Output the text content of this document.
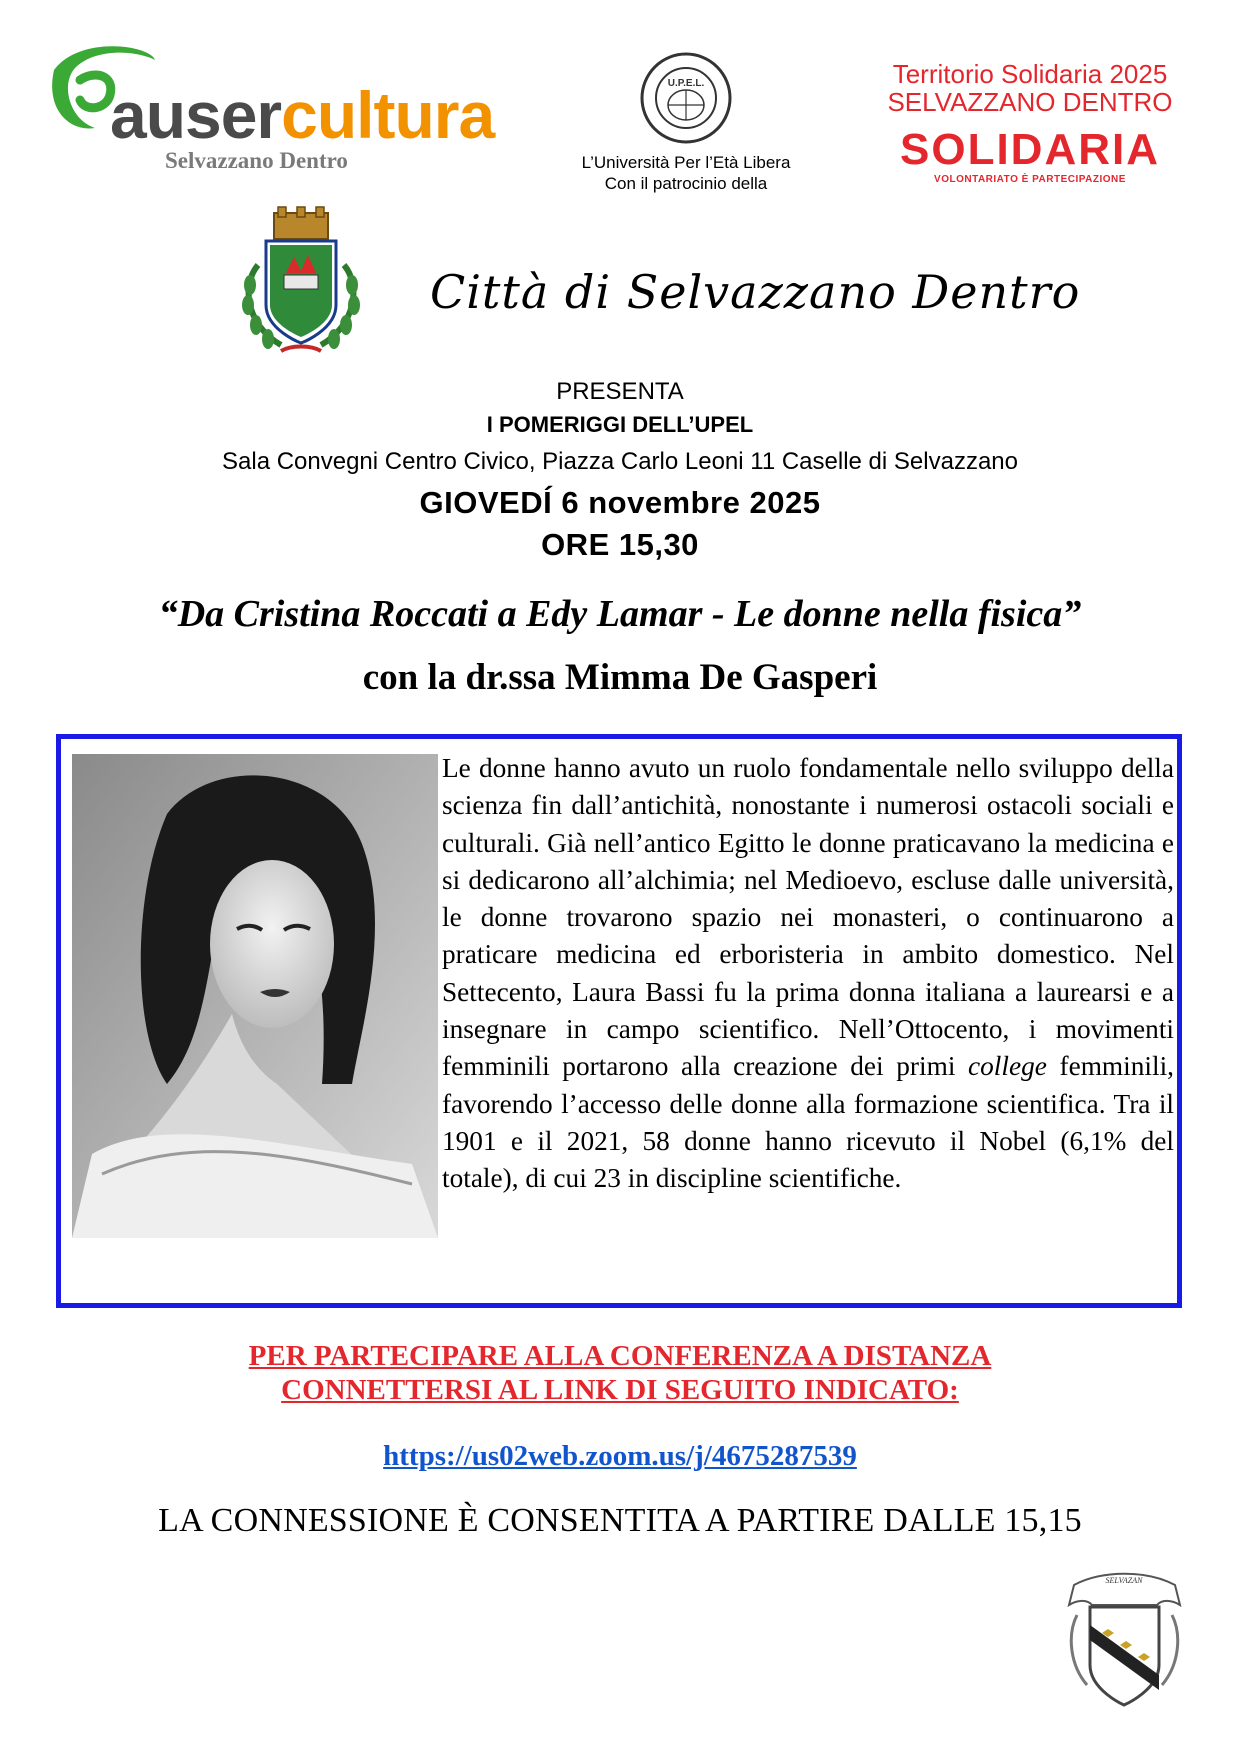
ausercultura
Selvazzano Dentro
U.P.E.L.
L’Università Per l’Età Libera
Con il patrocinio della
Territorio Solidaria 2025
SELVAZZANO DENTRO
SOLIDARIA
VOLONTARIATO È PARTECIPAZIONE
Città di Selvazzano Dentro
PRESENTA
I POMERIGGI DELL’UPEL
Sala Convegni Centro Civico, Piazza Carlo Leoni 11 Caselle di Selvazzano
GIOVEDÍ 6 novembre 2025
ORE 15,30
“Da Cristina Roccati a Edy Lamar - Le donne nella fisica”
con la dr.ssa Mimma De Gasperi

Le donne hanno avuto un ruolo fondamentale nello sviluppo della scienza fin dall’antichità, nonostante i numerosi ostacoli sociali e culturali. Già nell’antico Egitto le donne praticavano la medicina e si dedicarono all’alchimia; nel Medioevo, escluse dalle università, le donne trovarono spazio nei monasteri, o continuarono a praticare medicina ed erboristeria in ambito domestico. Nel Settecento, Laura Bassi fu la prima donna italiana a laurearsi e a insegnare in campo scientifico. Nell’Ottocento, i movimenti femminili portarono alla creazione dei primi college femminili, favorendo l’accesso delle donne alla formazione scientifica. Tra il 1901 e il 2021, 58 donne hanno ricevuto il Nobel (6,1% del totale), di cui 23 in discipline scientifiche.

PER PARTECIPARE ALLA CONFERENZA A DISTANZA
CONNETTERSI AL LINK DI SEGUITO INDICATO:
https://us02web.zoom.us/j/4675287539
LA CONNESSIONE È CONSENTITA A PARTIRE DALLE 15,15
SELVAZAN
